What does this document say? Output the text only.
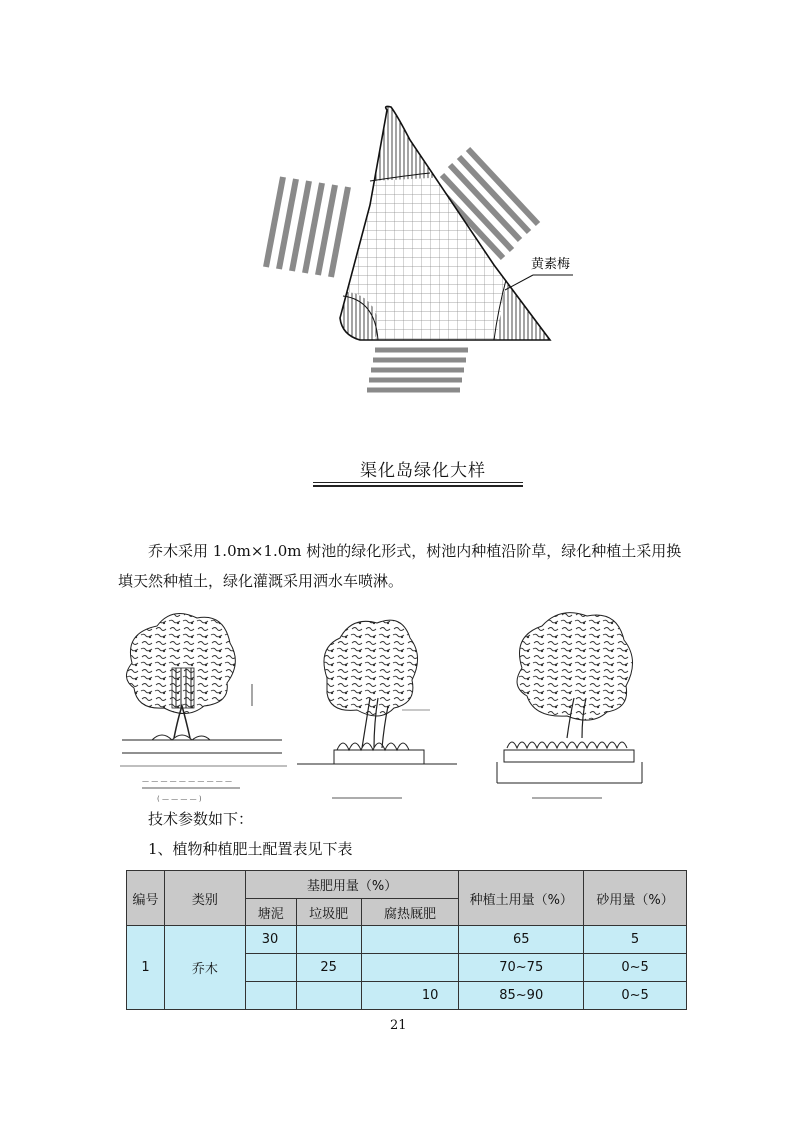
黄素梅
渠化岛绿化大样
乔木采用 1.0m×1.0m 树池的绿化形式，树池内种植沿阶草，绿化种植土采用换
填天然种植土，绿化灌溉采用洒水车喷淋。
— — — — — — — — — —
( — — — — )
技术参数如下：
1、植物种植肥土配置表见下表
编号	类别	基肥用量（%）			种植土用量（%）	砂用量（%）
		塘泥	垃圾肥	腐热厩肥		
1	乔木	30			65	5
			25		70~75	0~5
				10	85~90	0~5
21
